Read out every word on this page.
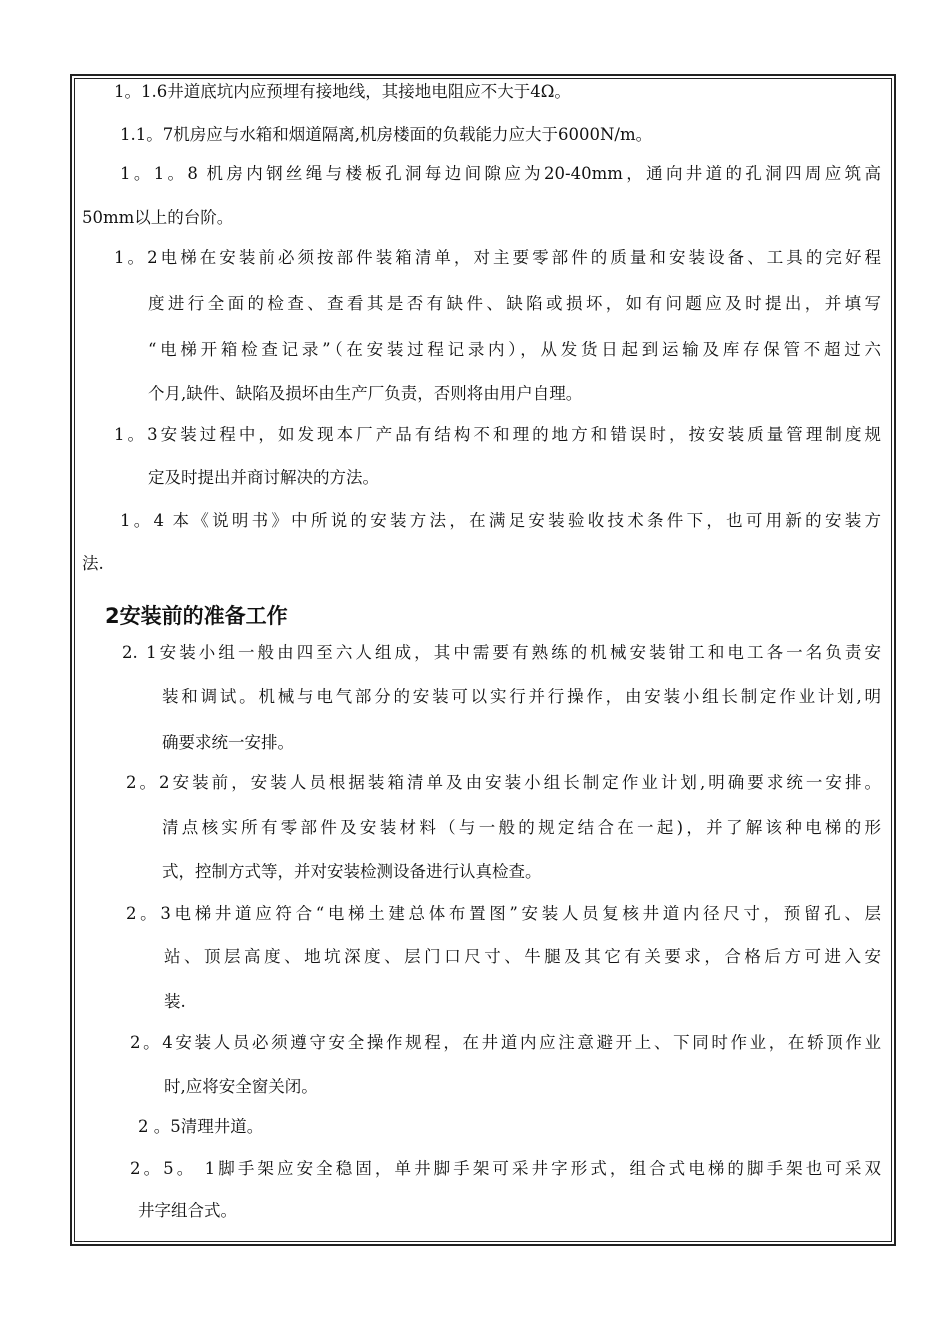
1。1.6井道底坑内应预埋有接地线，其接地电阻应不大于4Ω。
1.1。7机房应与水箱和烟道隔离,机房楼面的负载能力应大于6000N/m。
1。1。8 机房内钢丝绳与楼板孔洞每边间隙应为20-40mm，通向井道的孔洞四周应筑高
50mm以上的台阶。
1。2电梯在安装前必须按部件装箱清单，对主要零部件的质量和安装设备、工具的完好程
度进行全面的检查、查看其是否有缺件、缺陷或损坏，如有问题应及时提出，并填写
“电梯开箱检查记录”（在安装过程记录内），从发货日起到运输及库存保管不超过六
个月,缺件、缺陷及损坏由生产厂负责，否则将由用户自理。
1。3安装过程中，如发现本厂产品有结构不和理的地方和错误时，按安装质量管理制度规
定及时提出并商讨解决的方法。
1。4 本《说明书》中所说的安装方法，在满足安装验收技术条件下，也可用新的安装方
法.
2安装前的准备工作
2. 1安装小组一般由四至六人组成，其中需要有熟练的机械安装钳工和电工各一名负责安
装和调试。机械与电气部分的安装可以实行并行操作，由安装小组长制定作业计划,明
确要求统一安排。
2。2安装前，安装人员根据装箱清单及由安装小组长制定作业计划,明确要求统一安排。
清点核实所有零部件及安装材料（与一般的规定结合在一起)，并了解该种电梯的形
式，控制方式等，并对安装检测设备进行认真检查。
2。3电梯井道应符合“电梯土建总体布置图”安装人员复核井道内径尺寸，预留孔、层
站、顶层高度、地坑深度、层门口尺寸、牛腿及其它有关要求，合格后方可进入安
装.
2。4安装人员必须遵守安全操作规程，在井道内应注意避开上、下同时作业，在轿顶作业
时,应将安全窗关闭。
2 。5清理井道。
2。5。 1脚手架应安全稳固，单井脚手架可采井字形式，组合式电梯的脚手架也可采双
井字组合式。
